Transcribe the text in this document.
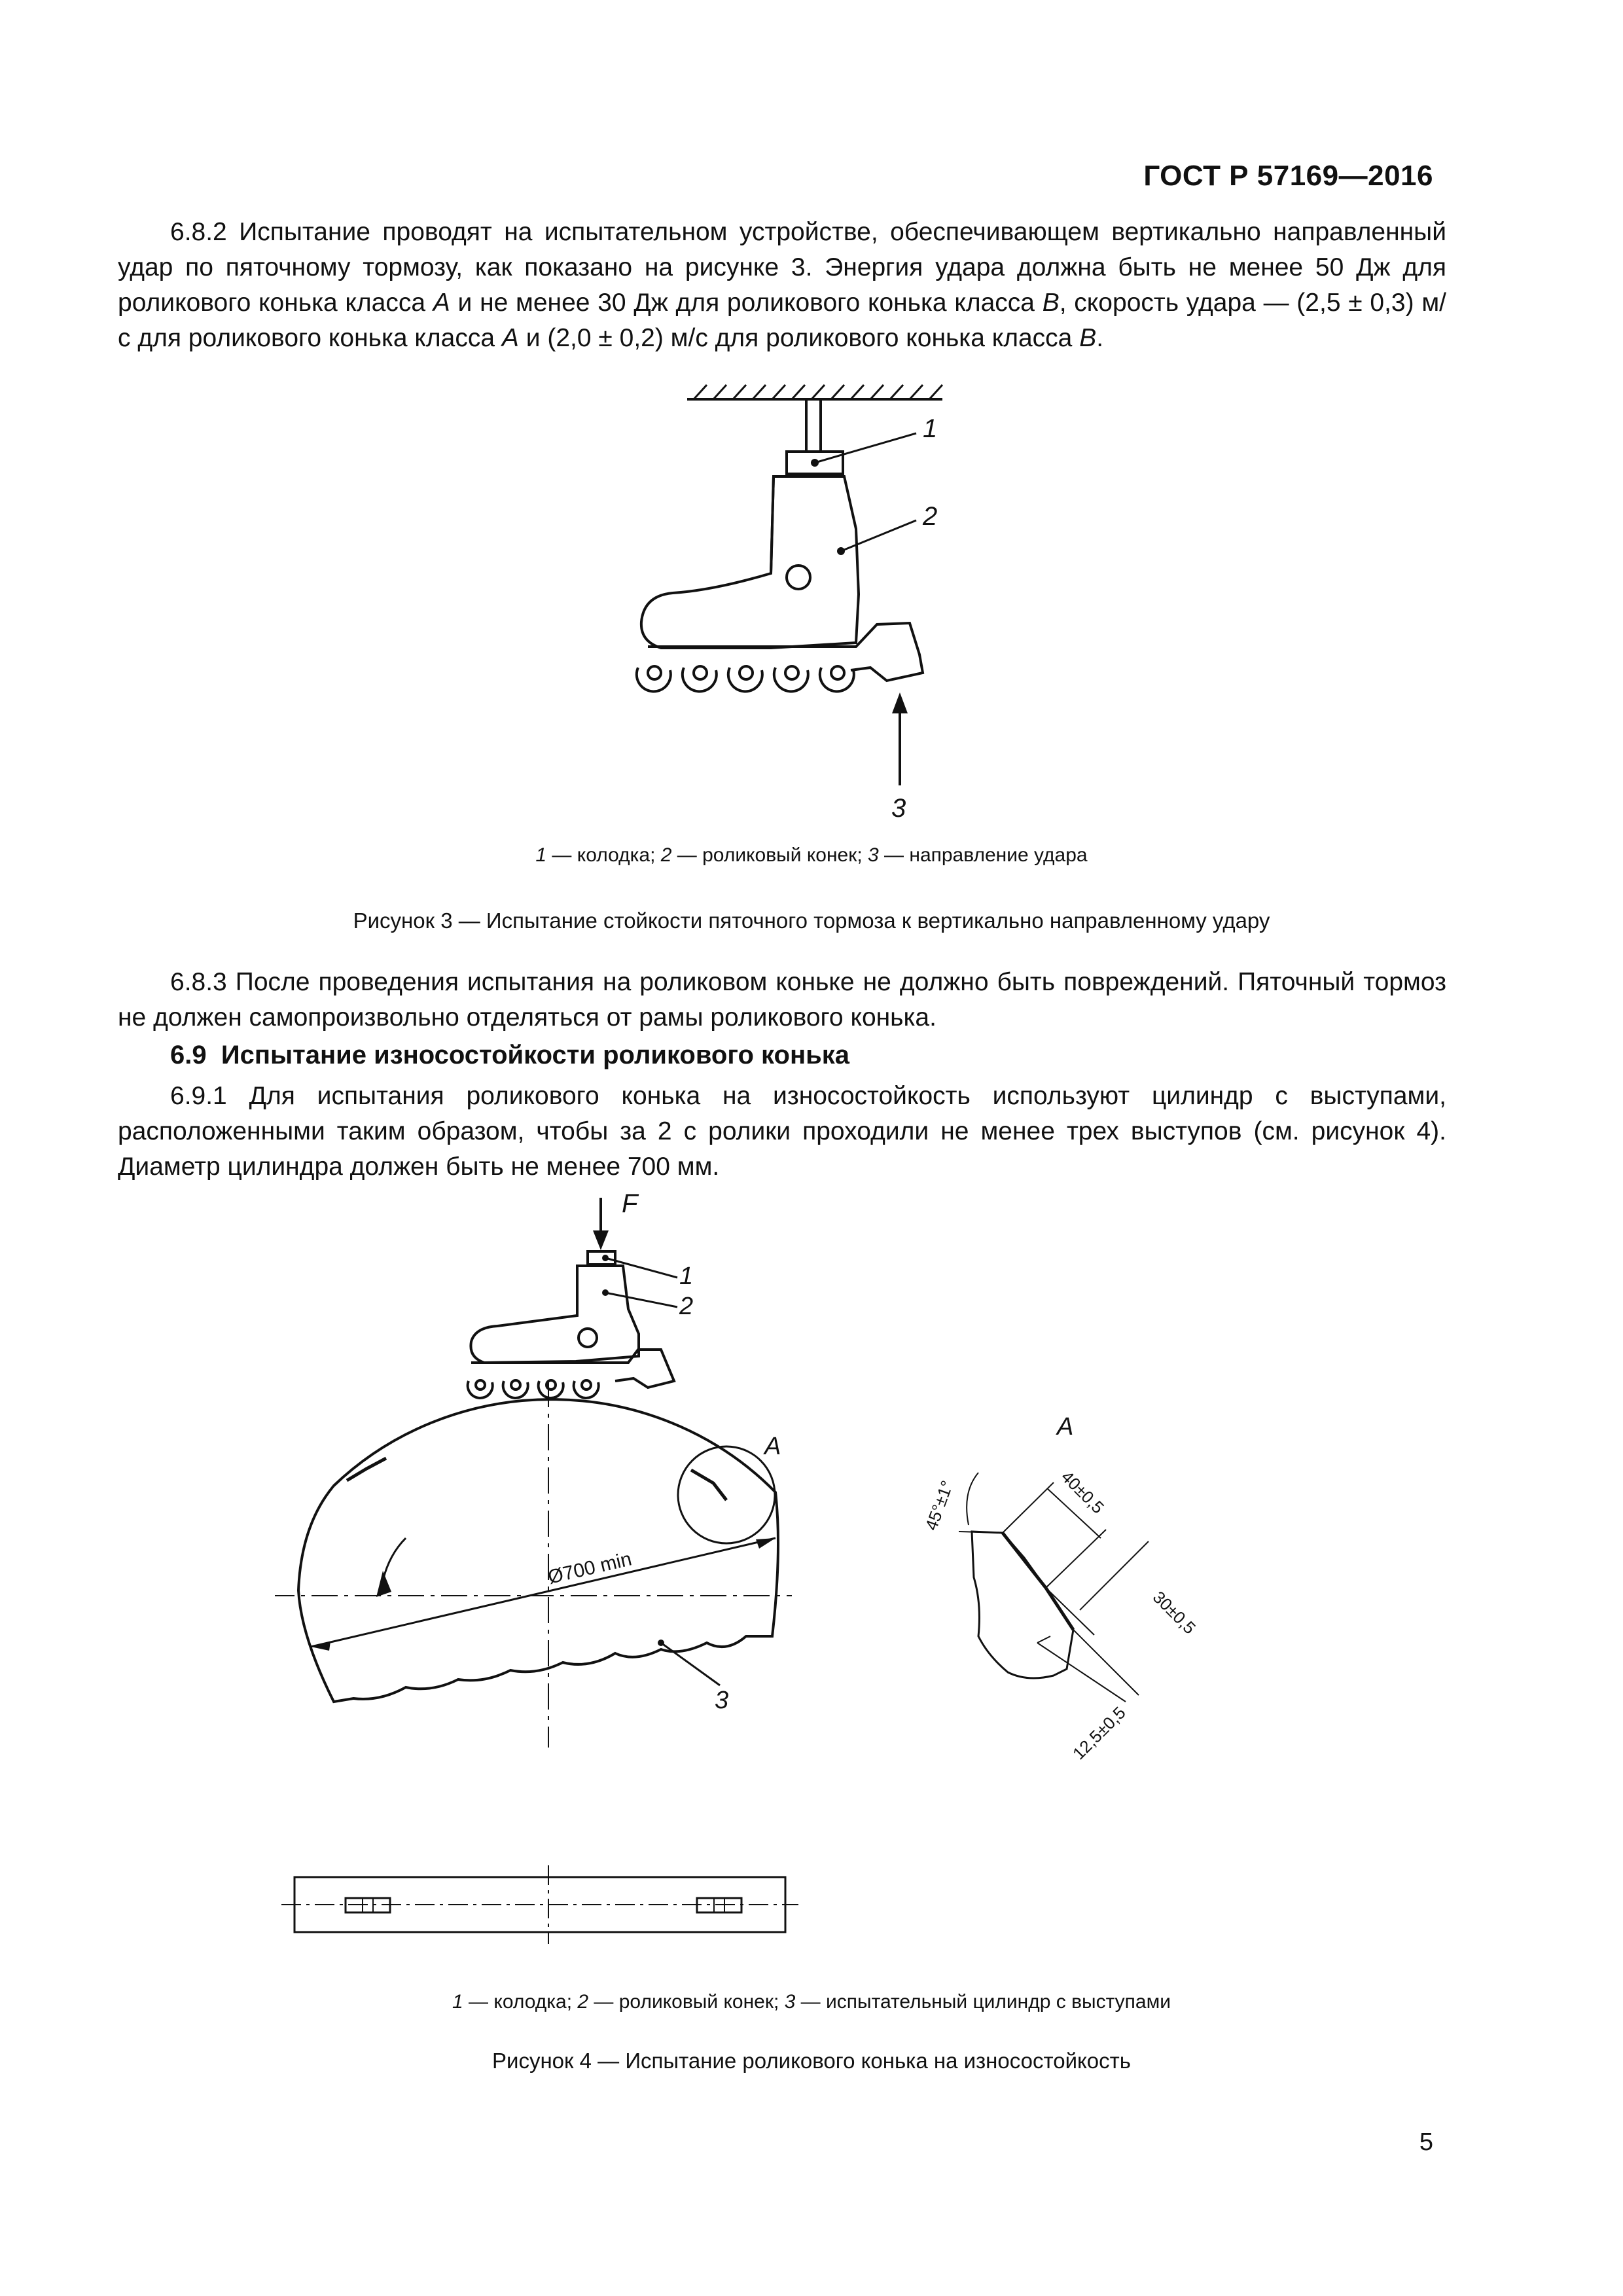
ГОСТ Р 57169—2016
6.8.2 Испытание проводят на испытательном устройстве, обеспечивающем вертикально направленный удар по пяточному тормозу, как показано на рисунке 3. Энергия удара должна быть не менее 50 Дж для роликового конька класса А и не менее 30 Дж для роликового конька класса В, скорость удара — (2,5 ± 0,3) м/с для роликового конька класса А и (2,0 ± 0,2) м/с для роликового конька класса В.
1
2
3
1 — колодка; 2 — роликовый конек; 3 — направление удара
Рисунок 3 — Испытание стойкости пяточного тормоза к вертикально направленному удару
6.8.3 После проведения испытания на роликовом коньке не должно быть повреждений. Пяточный тормоз не должен самопроизвольно отделяться от рамы роликового конька.
6.9 Испытание износостойкости роликового конька
6.9.1 Для испытания роликового конька на износостойкость используют цилиндр с выступами, расположенными таким образом, чтобы за 2 с ролики проходили не менее трех выступов (см. рисунок 4). Диаметр цилиндра должен быть не менее 700 мм.
F
1
2
3
A
A
Ø700 min
45°±1°	40±0,5
30±0,5
12,5±0,5
1 — колодка; 2 — роликовый конек; 3 — испытательный цилиндр с выступами
Рисунок 4 — Испытание роликового конька на износостойкость
5
